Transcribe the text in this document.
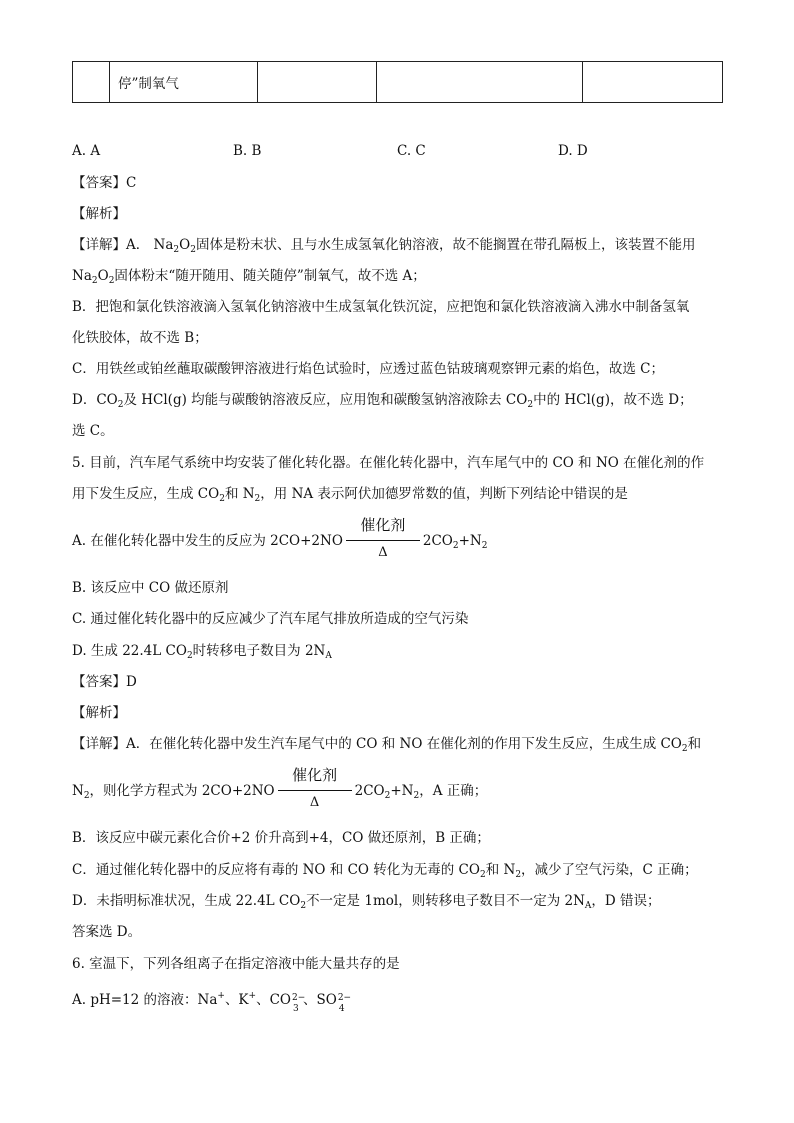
	停”制氧气			
A. A	B. B	C. C	D. D
【答案】C
【解析】
【详解】A． $Na_2O_2$固体是粉末状、且与水生成氢氧化钠溶液，故不能搁置在带孔隔板上，该装置不能用
$Na_2O_2$固体粉末“随开随用、随关随停”制氧气，故不选 A；
B．把饱和氯化铁溶液滴入氢氧化钠溶液中生成氢氧化铁沉淀，应把饱和氯化铁溶液滴入沸水中制备氢氧
化铁胶体，故不选 B；
C．用铁丝或铂丝蘸取碳酸钾溶液进行焰色试验时，应透过蓝色钴玻璃观察钾元素的焰色，故选 C；
D．$CO_2$及 HCl(g) 均能与碳酸钠溶液反应，应用饱和碳酸氢钠溶液除去 $CO_2$中的 HCl(g)，故不选 D；
选 C。
5. 目前，汽车尾气系统中均安装了催化转化器。在催化转化器中，汽车尾气中的 CO 和 NO 在催化剂的作
用下发生反应，生成 $CO_2$和 $N_2$，用 NA 表示阿伏加德罗常数的值，判断下列结论中错误的是
A. 在催化转化器中发生的反应为 2CO+2NO
催化剂
Δ
$2CO_2+N_2$
B. 该反应中 CO 做还原剂
C. 通过催化转化器中的反应减少了汽车尾气排放所造成的空气污染
D. 生成 22.4L $CO_2$时转移电子数目为 $2N_A$
【答案】D
【解析】
【详解】A．在催化转化器中发生汽车尾气中的 CO 和 NO 在催化剂的作用下发生反应，生成生成 $CO_2$和
$N_2$，则化学方程式为 2CO+2NO
催化剂
Δ
$2CO_2+N_2$，A 正确；
B．该反应中碳元素化合价+2 价升高到+4，CO 做还原剂，B 正确；
C．通过催化转化器中的反应将有毒的 NO 和 CO 转化为无毒的 $CO_2$和 $N_2$，减少了空气污染，C 正确；
D．未指明标准状况，生成 22.4L $CO_2$不一定是 1mol，则转移电子数目不一定为 $2N_A$，D 错误；
答案选 D。
6. 室温下，下列各组离子在指定溶液中能大量共存的是
A. pH=12 的溶液：Na+、K+、CO 2−
3
、SO 2−
4
